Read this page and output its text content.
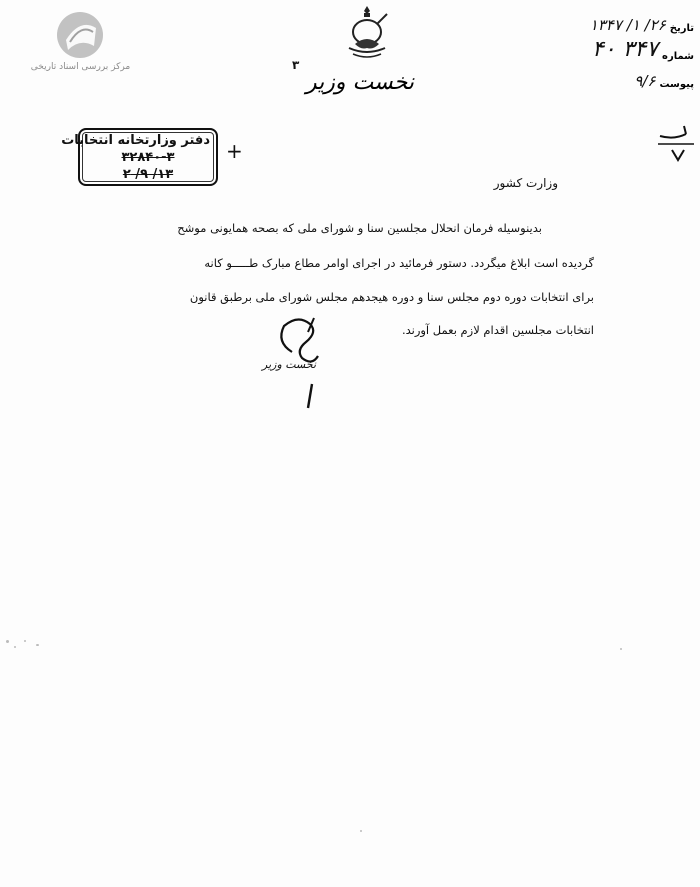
مرکز بررسی اسناد تاریخی	٣
نخست وزیر
تاریخ
۲۶/ ۱/ ۱۳۴۷
شماره
۳۴۷ ۴۰
پیوست
۹/۶
دفتر وزارتخانه انتخابات
۳۲۸۴۰-۳
۱۳/ ۹/ ۲
+
وزارت کشور
بدینوسیله فرمان انحلال مجلسین سنا و شورای ملی که بصحه همایونی موشح
گردیده است ابلاغ میگردد. دستور فرمائید در اجرای اوامر مطاع مبارک طـــــو کانه
برای انتخابات دوره دوم مجلس سنا و دوره هیجدهم مجلس شورای ملی برطبق قانون
انتخابات مجلسین اقدام لازم بعمل آورند.
نخست وزیر
